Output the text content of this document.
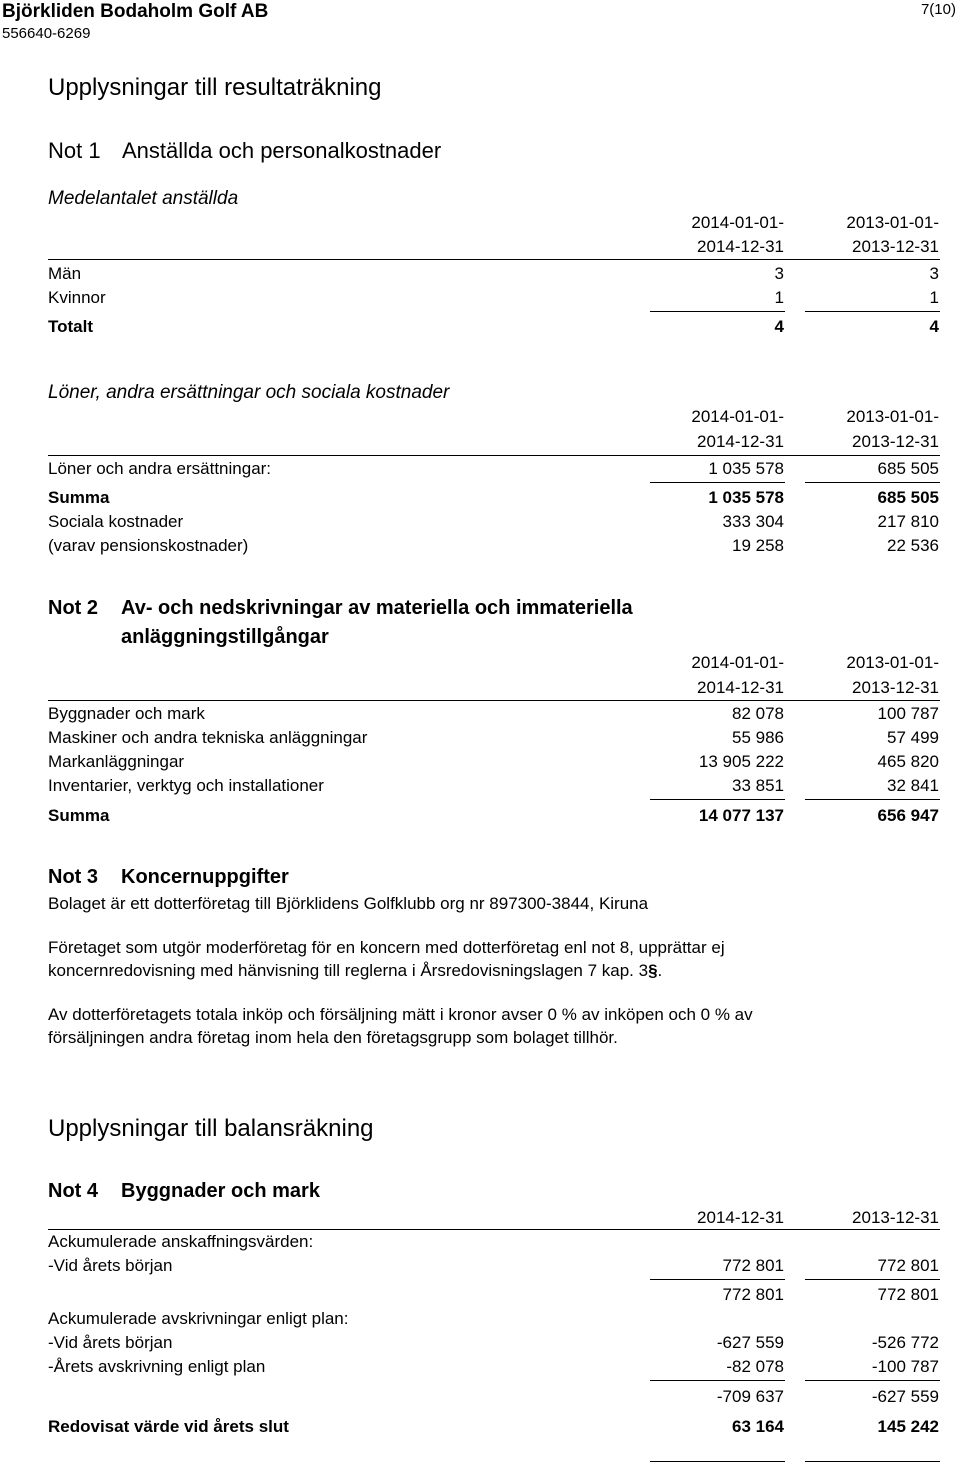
Björkliden Bodaholm Golf AB
556640-6269
7(10)
Upplysningar till resultaträkning
Not 1 Anställda och personalkostnader
Medelantalet anställda
2014-01-01-	2013-01-01-
2014-12-31	2013-12-31
Män	3	3
Kvinnor	1	1
Totalt	4	4
Löner, andra ersättningar och sociala kostnader
2014-01-01-	2013-01-01-
2014-12-31	2013-12-31
Löner och andra ersättningar:	1 035 578	685 505
Summa	1 035 578	685 505
Sociala kostnader	333 304	217 810
(varav pensionskostnader)	19 258	22 536
Not 2 Av- och nedskrivningar av materiella och immateriella
anläggningstillgångar
2014-01-01-	2013-01-01-
2014-12-31	2013-12-31
Byggnader och mark	82 078	100 787
Maskiner och andra tekniska anläggningar	55 986	57 499
Markanläggningar	13 905 222	465 820
Inventarier, verktyg och installationer	33 851	32 841
Summa	14 077 137	656 947
Not 3 Koncernuppgifter
Bolaget är ett dotterföretag till Björklidens Golfklubb org nr 897300-3844, Kiruna
Företaget som utgör moderföretag för en koncern med dotterföretag enl not 8, upprättar ej
koncernredovisning med hänvisning till reglerna i Årsredovisningslagen 7 kap. 3§.
Av dotterföretagets totala inköp och försäljning mätt i kronor avser 0 % av inköpen och 0 % av
försäljningen andra företag inom hela den företagsgrupp som bolaget tillhör.
Upplysningar till balansräkning
Not 4 Byggnader och mark
2014-12-31	2013-12-31
Ackumulerade anskaffningsvärden:
-Vid årets början	772 801	772 801
772 801	772 801
Ackumulerade avskrivningar enligt plan:
-Vid årets början	-627 559	-526 772
-Årets avskrivning enligt plan	-82 078	-100 787
-709 637	-627 559
Redovisat värde vid årets slut	63 164	145 242
